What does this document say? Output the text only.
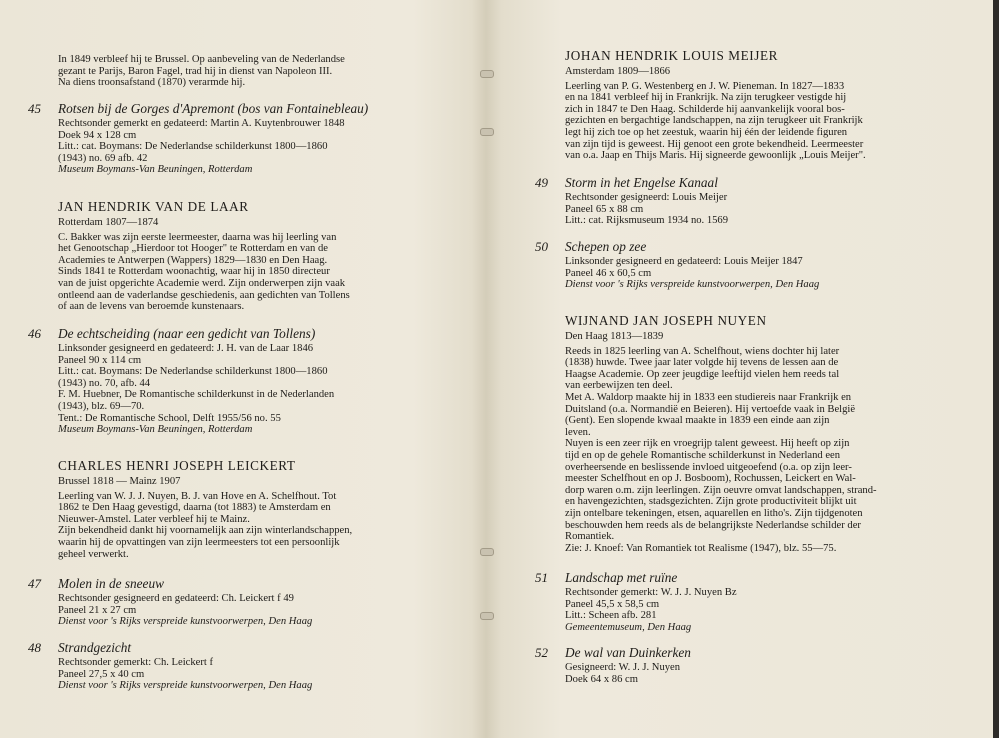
In 1849 verbleef hij te Brussel. Op aanbeveling van de Nederlandse

gezant te Parijs, Baron Fagel, trad hij in dienst van Napoleon III.

Na diens troonsafstand (1870) verarmde hij.

45 Rotsen bij de Gorges d'Apremont (bos van Fontainebleau)

Rechtsonder gemerkt en gedateerd: Martin A. Kuytenbrouwer 1848

Doek 94 x 128 cm

Litt.: cat. Boymans: De Nederlandse schilderkunst 1800—1860

(1943) no. 69 afb. 42

Museum Boymans-Van Beuningen, Rotterdam

JAN HENDRIK VAN DE LAAR

Rotterdam 1807—1874

C. Bakker was zijn eerste leermeester, daarna was hij leerling van

het Genootschap „Hierdoor tot Hooger" te Rotterdam en van de

Academies te Antwerpen (Wappers) 1829—1830 en Den Haag.

Sinds 1841 te Rotterdam woonachtig, waar hij in 1850 directeur

van de juist opgerichte Academie werd. Zijn onderwerpen zijn vaak

ontleend aan de vaderlandse geschiedenis, aan gedichten van Tollens

of aan de levens van beroemde kunstenaars.

46 De echtscheiding (naar een gedicht van Tollens)

Linksonder gesigneerd en gedateerd: J. H. van de Laar 1846

Paneel 90 x 114 cm

Litt.: cat. Boymans: De Nederlandse schilderkunst 1800—1860

(1943) no. 70, afb. 44

F. M. Huebner, De Romantische schilderkunst in de Nederlanden

(1943), blz. 69—70.

Tent.: De Romantische School, Delft 1955/56 no. 55

Museum Boymans-Van Beuningen, Rotterdam

CHARLES HENRI JOSEPH LEICKERT

Brussel 1818 — Mainz 1907

Leerling van W. J. J. Nuyen, B. J. van Hove en A. Schelfhout. Tot

1862 te Den Haag gevestigd, daarna (tot 1883) te Amsterdam en

Nieuwer-Amstel. Later verbleef hij te Mainz.

Zijn bekendheid dankt hij voornamelijk aan zijn winterlandschappen,

waarin hij de opvattingen van zijn leermeesters tot een persoonlijk

geheel verwerkt.

47 Molen in de sneeuw

Rechtsonder gesigneerd en gedateerd: Ch. Leickert f 49

Paneel 21 x 27 cm

Dienst voor 's Rijks verspreide kunstvoorwerpen, Den Haag

48 Strandgezicht

Rechtsonder gemerkt: Ch. Leickert f

Paneel 27,5 x 40 cm

Dienst voor 's Rijks verspreide kunstvoorwerpen, Den Haag

JOHAN HENDRIK LOUIS MEIJER

Amsterdam 1809—1866

Leerling van P. G. Westenberg en J. W. Pieneman. In 1827—1833

en na 1841 verbleef hij in Frankrijk. Na zijn terugkeer vestigde hij

zich in 1847 te Den Haag. Schilderde hij aanvankelijk vooral bos-

gezichten en bergachtige landschappen, na zijn terugkeer uit Frankrijk

legt hij zich toe op het zeestuk, waarin hij één der leidende figuren

van zijn tijd is geweest. Hij genoot een grote bekendheid. Leermeester

van o.a. Jaap en Thijs Maris. Hij signeerde gewoonlijk „Louis Meijer".

49 Storm in het Engelse Kanaal

Rechtsonder gesigneerd: Louis Meijer

Paneel 65 x 88 cm

Litt.: cat. Rijksmuseum 1934 no. 1569

50 Schepen op zee

Linksonder gesigneerd en gedateerd: Louis Meijer 1847

Paneel 46 x 60,5 cm

Dienst voor 's Rijks verspreide kunstvoorwerpen, Den Haag

WIJNAND JAN JOSEPH NUYEN

Den Haag 1813—1839

Reeds in 1825 leerling van A. Schelfhout, wiens dochter hij later

(1838) huwde. Twee jaar later volgde hij tevens de lessen aan de

Haagse Academie. Op zeer jeugdige leeftijd vielen hem reeds tal

van eerbewijzen ten deel.

Met A. Waldorp maakte hij in 1833 een studiereis naar Frankrijk en

Duitsland (o.a. Normandië en Beieren). Hij vertoefde vaak in België

(Gent). Een slopende kwaal maakte in 1839 een einde aan zijn

leven.

Nuyen is een zeer rijk en vroegrijp talent geweest. Hij heeft op zijn

tijd en op de gehele Romantische schilderkunst in Nederland een

overheersende en beslissende invloed uitgeoefend (o.a. op zijn leer-

meester Schelfhout en op J. Bosboom), Rochussen, Leickert en Wal-

dorp waren o.m. zijn leerlingen. Zijn oeuvre omvat landschappen, strand-

en havengezichten, stadsgezichten. Zijn grote productiviteit blijkt uit

zijn ontelbare tekeningen, etsen, aquarellen en litho's. Zijn tijdgenoten

beschouwden hem reeds als de belangrijkste Nederlandse schilder der

Romantiek.

Zie: J. Knoef: Van Romantiek tot Realisme (1947), blz. 55—75.

51 Landschap met ruïne

Rechtsonder gemerkt: W. J. J. Nuyen Bz

Paneel 45,5 x 58,5 cm

Litt.: Scheen afb. 281

Gemeentemuseum, Den Haag

52 De wal van Duinkerken

Gesigneerd: W. J. J. Nuyen

Doek 64 x 86 cm
